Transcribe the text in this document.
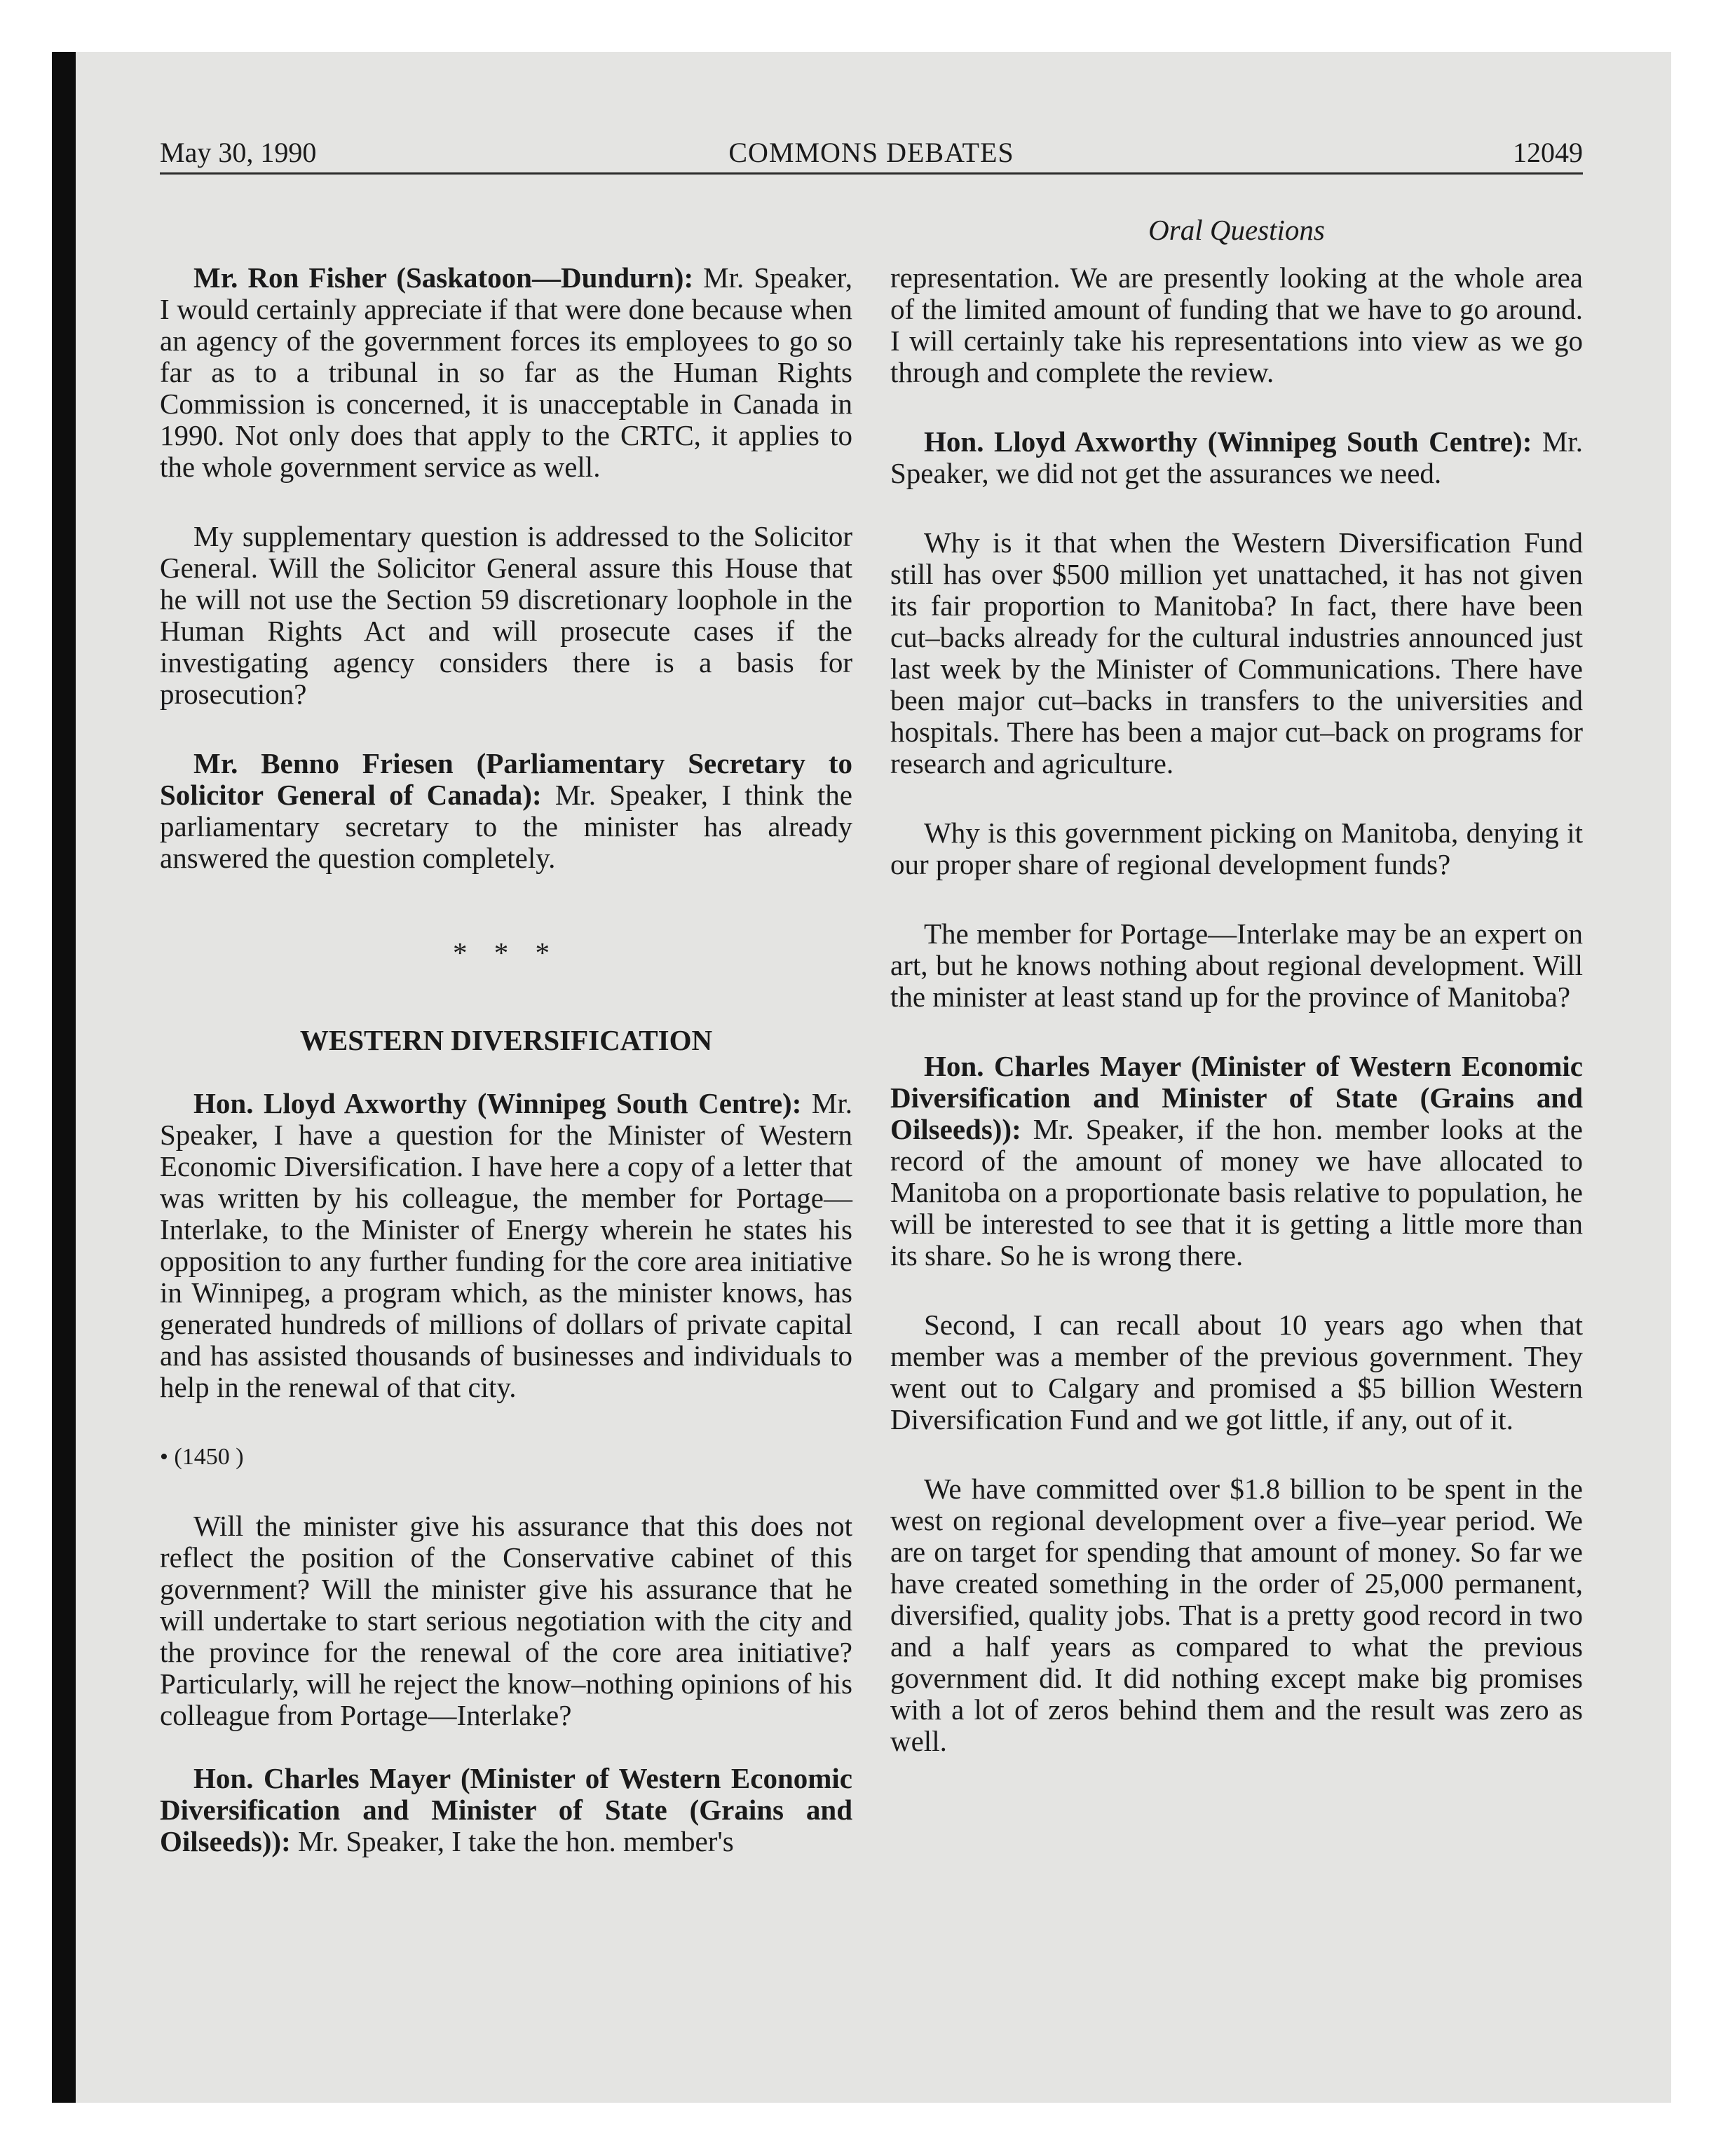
May 30, 1990	COMMONS DEBATES	12049
Oral Questions

Mr. Ron Fisher (Saskatoon—Dundurn): Mr. Speaker, I would certainly appreciate if that were done because when an agency of the government forces its employees to go so far as to a tribunal in so far as the Human Rights Commission is concerned, it is unacceptable in Canada in 1990. Not only does that apply to the CRTC, it applies to the whole government service as well.

My supplementary question is addressed to the Solicitor General. Will the Solicitor General assure this House that he will not use the Section 59 discretionary loophole in the Human Rights Act and will prosecute cases if the investigating agency considers there is a basis for prosecution?

Mr. Benno Friesen (Parliamentary Secretary to Solicitor General of Canada): Mr. Speaker, I think the parliamentary secretary to the minister has already answered the question completely.

* * *

WESTERN DIVERSIFICATION

Hon. Lloyd Axworthy (Winnipeg South Centre): Mr. Speaker, I have a question for the Minister of Western Economic Diversification. I have here a copy of a letter that was written by his colleague, the member for Portage—Interlake, to the Minister of Energy wherein he states his opposition to any further funding for the core area initiative in Winnipeg, a program which, as the minister knows, has generated hundreds of millions of dollars of private capital and has assisted thousands of businesses and individuals to help in the renewal of that city.

• (1450 )

Will the minister give his assurance that this does not reflect the position of the Conservative cabinet of this government? Will the minister give his assurance that he will undertake to start serious negotiation with the city and the province for the renewal of the core area initiative? Particularly, will he reject the know–nothing opinions of his colleague from Portage—Interlake?

Hon. Charles Mayer (Minister of Western Economic Diversification and Minister of State (Grains and Oilseeds)): Mr. Speaker, I take the hon. member's

representation. We are presently looking at the whole area of the limited amount of funding that we have to go around. I will certainly take his representations into view as we go through and complete the review.

Hon. Lloyd Axworthy (Winnipeg South Centre): Mr. Speaker, we did not get the assurances we need.

Why is it that when the Western Diversification Fund still has over $500 million yet unattached, it has not given its fair proportion to Manitoba? In fact, there have been cut–backs already for the cultural industries announced just last week by the Minister of Communications. There have been major cut–backs in transfers to the universities and hospitals. There has been a major cut–back on programs for research and agriculture.

Why is this government picking on Manitoba, denying it our proper share of regional development funds?

The member for Portage—Interlake may be an expert on art, but he knows nothing about regional development. Will the minister at least stand up for the province of Manitoba?

Hon. Charles Mayer (Minister of Western Economic Diversification and Minister of State (Grains and Oilseeds)): Mr. Speaker, if the hon. member looks at the record of the amount of money we have allocated to Manitoba on a proportionate basis relative to population, he will be interested to see that it is getting a little more than its share. So he is wrong there.

Second, I can recall about 10 years ago when that member was a member of the previous government. They went out to Calgary and promised a $5 billion Western Diversification Fund and we got little, if any, out of it.

We have committed over $1.8 billion to be spent in the west on regional development over a five–year period. We are on target for spending that amount of money. So far we have created something in the order of 25,000 permanent, diversified, quality jobs. That is a pretty good record in two and a half years as compared to what the previous government did. It did nothing except make big promises with a lot of zeros behind them and the result was zero as well.
